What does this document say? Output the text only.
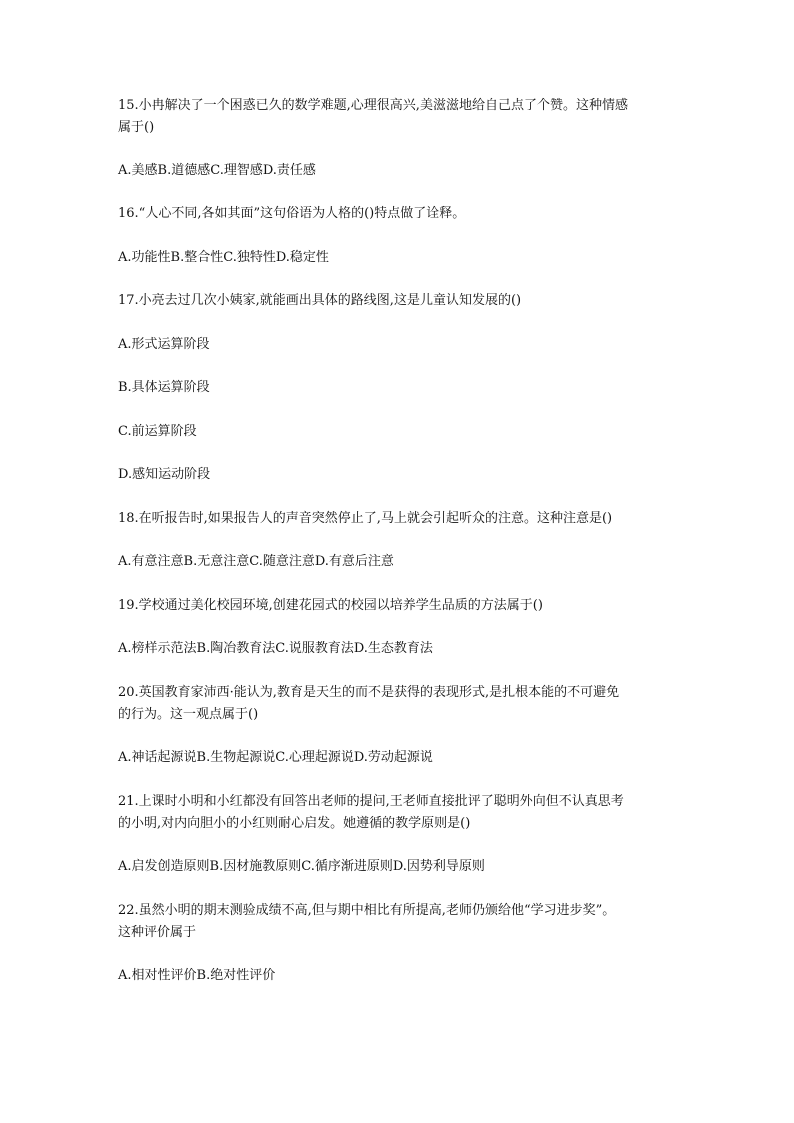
15.小冉解决了一个困惑已久的数学难题,心理很高兴,美滋滋地给自己点了个赞。这种情感
属于()
A.美感B.道德感C.理智感D.责任感
16.“人心不同,各如其面”这句俗语为人格的()特点做了诠释。
A.功能性B.整合性C.独特性D.稳定性
17.小亮去过几次小姨家,就能画出具体的路线图,这是儿童认知发展的()
A.形式运算阶段
B.具体运算阶段
C.前运算阶段
D.感知运动阶段
18.在听报告时,如果报告人的声音突然停止了,马上就会引起听众的注意。这种注意是()
A.有意注意B.无意注意C.随意注意D.有意后注意
19.学校通过美化校园环境,创建花园式的校园以培养学生品质的方法属于()
A.榜样示范法B.陶冶教育法C.说服教育法D.生态教育法
20.英国教育家沛西·能认为,教育是天生的而不是获得的表现形式,是扎根本能的不可避免
的行为。这一观点属于()
A.神话起源说B.生物起源说C.心理起源说D.劳动起源说
21.上课时小明和小红都没有回答出老师的提问,王老师直接批评了聪明外向但不认真思考
的小明,对内向胆小的小红则耐心启发。她遵循的教学原则是()
A.启发创造原则B.因材施教原则C.循序渐进原则D.因势利导原则
22.虽然小明的期末测验成绩不高,但与期中相比有所提高,老师仍颁给他“学习进步奖”。
这种评价属于
A.相对性评价B.绝对性评价
